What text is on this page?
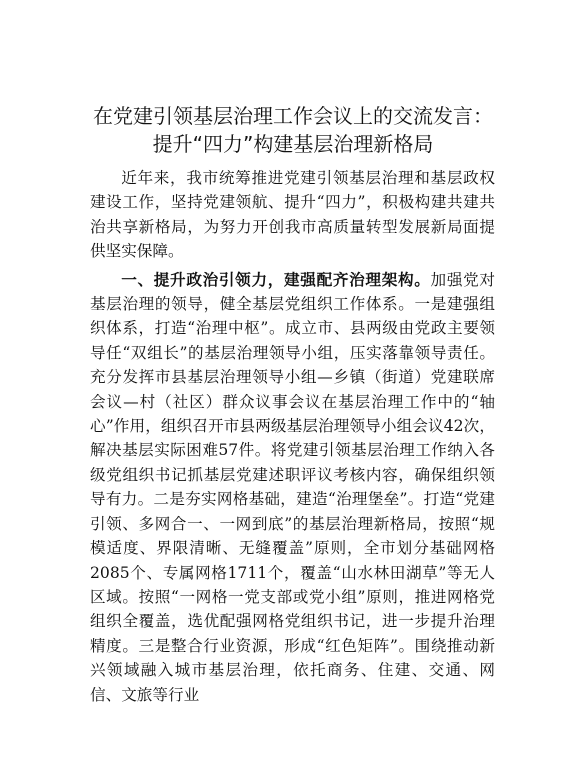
在党建引领基层治理工作会议上的交流发言：
提升“四力”构建基层治理新格局

近年来，我市统筹推进党建引领基层治理和基层政权建设工作，坚持党建领航、提升“四力”，积极构建共建共治共享新格局，为努力开创我市高质量转型发展新局面提供坚实保障。

一、提升政治引领力，建强配齐治理架构。加强党对基层治理的领导，健全基层党组织工作体系。一是建强组织体系，打造“治理中枢”。成立市、县两级由党政主要领导任“双组长”的基层治理领导小组，压实落靠领导责任。充分发挥市县基层治理领导小组—乡镇（街道）党建联席会议—村（社区）群众议事会议在基层治理工作中的“轴心”作用，组织召开市县两级基层治理领导小组会议42次，解决基层实际困难57件。将党建引领基层治理工作纳入各级党组织书记抓基层党建述职评议考核内容，确保组织领导有力。二是夯实网格基础，建造“治理堡垒”。打造“党建引领、多网合一、一网到底”的基层治理新格局，按照“规模适度、界限清晰、无缝覆盖”原则，全市划分基础网格2085个、专属网格1711个，覆盖“山水林田湖草”等无人区域。按照“一网格一党支部或党小组”原则，推进网格党组织全覆盖，选优配强网格党组织书记，进一步提升治理精度。三是整合行业资源，形成“红色矩阵”。围绕推动新兴领域融入城市基层治理，依托商务、住建、交通、网信、文旅等行业
